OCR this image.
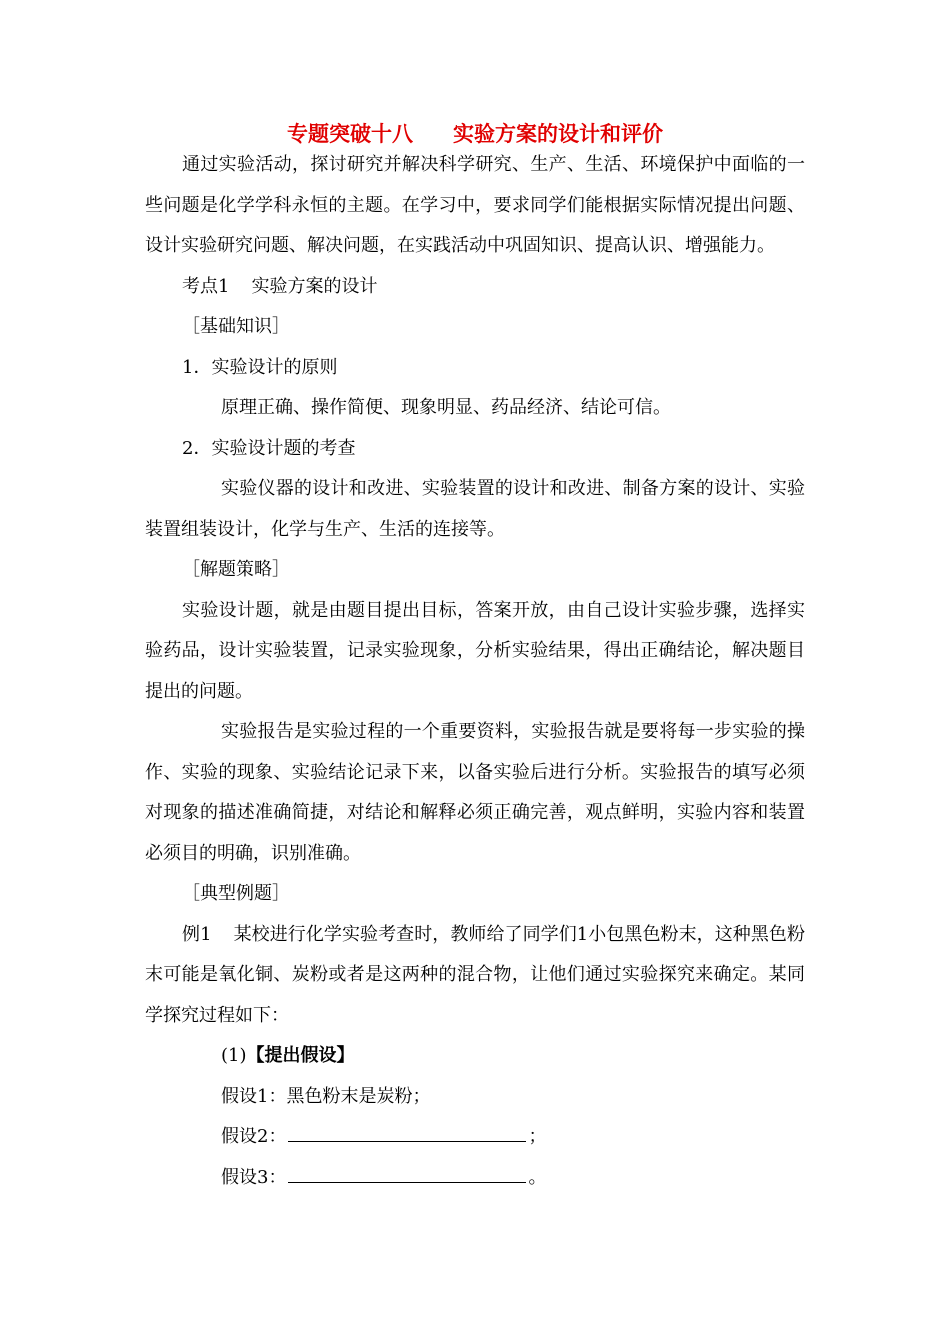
专题突破十八 实验方案的设计和评价

通过实验活动，探讨研究并解决科学研究、生产、生活、环境保护中面临的一些问题是化学学科永恒的主题。在学习中，要求同学们能根据实际情况提出问题、设计实验研究问题、解决问题，在实践活动中巩固知识、提高认识、增强能力。

考点1 实验方案的设计

［基础知识］

1．实验设计的原则

原理正确、操作简便、现象明显、药品经济、结论可信。

2．实验设计题的考查

实验仪器的设计和改进、实验装置的设计和改进、制备方案的设计、实验装置组装设计，化学与生产、生活的连接等。

［解题策略］

实验设计题，就是由题目提出目标，答案开放，由自己设计实验步骤，选择实验药品，设计实验装置，记录实验现象，分析实验结果，得出正确结论，解决题目提出的问题。

实验报告是实验过程的一个重要资料，实验报告就是要将每一步实验的操作、实验的现象、实验结论记录下来，以备实验后进行分析。实验报告的填写必须对现象的描述准确简捷，对结论和解释必须正确完善，观点鲜明，实验内容和装置必须目的明确，识别准确。

［典型例题］

例1 某校进行化学实验考查时，教师给了同学们1小包黑色粉末，这种黑色粉末可能是氧化铜、炭粉或者是这两种的混合物，让他们通过实验探究来确定。某同学探究过程如下：

(1)【提出假设】

假设1：黑色粉末是炭粉；

假设2：	；

假设3：	。
